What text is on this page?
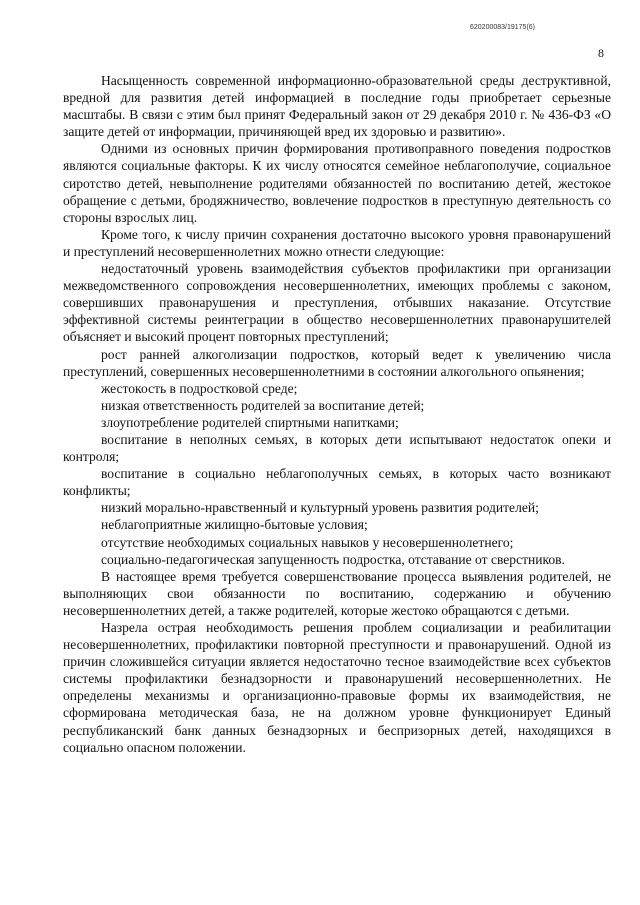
620200083/19175(6)
8

Насыщенность современной информационно-образовательной среды деструктивной, вредной для развития детей информацией в последние годы приобретает серьезные масштабы. В связи с этим был принят Федеральный закон от 29 декабря 2010 г. № 436-ФЗ «О защите детей от информации, причиняющей вред их здоровью и развитию».

Одними из основных причин формирования противоправного поведения подростков являются социальные факторы. К их числу относятся семейное неблагополучие, социальное сиротство детей, невыполнение родителями обязанностей по воспитанию детей, жестокое обращение с детьми, бродяжничество, вовлечение подростков в преступную деятельность со стороны взрослых лиц.

Кроме того, к числу причин сохранения достаточно высокого уровня правонарушений и преступлений несовершеннолетних можно отнести следующие:

недостаточный уровень взаимодействия субъектов профилактики при организации межведомственного сопровождения несовершеннолетних, имеющих проблемы с законом, совершивших правонарушения и преступления, отбывших наказание. Отсутствие эффективной системы реинтеграции в общество несовершеннолетних правонарушителей объясняет и высокий процент повторных преступлений;

рост ранней алкоголизации подростков, который ведет к увеличению числа преступлений, совершенных несовершеннолетними в состоянии алкогольного опьянения;

жестокость в подростковой среде;

низкая ответственность родителей за воспитание детей;

злоупотребление родителей спиртными напитками;

воспитание в неполных семьях, в которых дети испытывают недостаток опеки и контроля;

воспитание в социально неблагополучных семьях, в которых часто возникают конфликты;

низкий морально-нравственный и культурный уровень развития родителей;

неблагоприятные жилищно-бытовые условия;

отсутствие необходимых социальных навыков у несовершеннолетнего;

социально-педагогическая запущенность подростка, отставание от сверстников.

В настоящее время требуется совершенствование процесса выявления родителей, не выполняющих свои обязанности по воспитанию, содержанию и обучению несовершеннолетних детей, а также родителей, которые жестоко обращаются с детьми.

Назрела острая необходимость решения проблем социализации и реабилитации несовершеннолетних, профилактики повторной преступности и правонарушений. Одной из причин сложившейся ситуации является недостаточно тесное взаимодействие всех субъектов системы профилактики безнадзорности и правонарушений несовершеннолетних. Не определены механизмы и организационно-правовые формы их взаимодействия, не сформирована методическая база, не на должном уровне функционирует Единый республиканский банк данных безнадзорных и беспризорных детей, находящихся в социально опасном положении.
